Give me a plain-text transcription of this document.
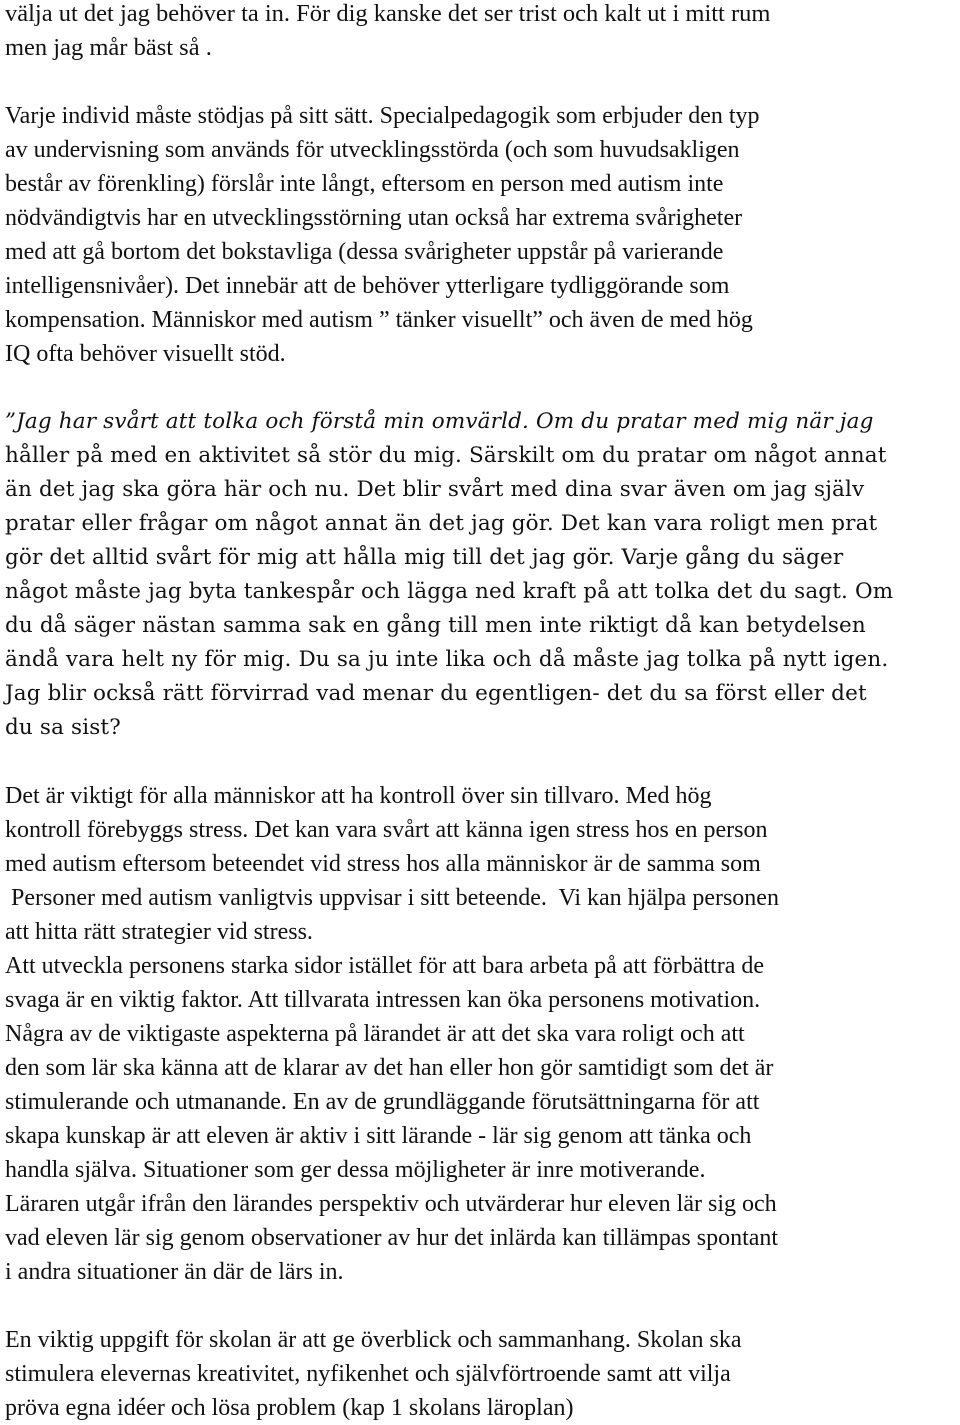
välja ut det jag behöver ta in. För dig kanske det ser trist och kalt ut i mitt rum
men jag mår bäst så .
Varje individ måste stödjas på sitt sätt. Specialpedagogik som erbjuder den typ
av undervisning som används för utvecklingsstörda (och som huvudsakligen
består av förenkling) förslår inte långt, eftersom en person med autism inte
nödvändigtvis har en utvecklingsstörning utan också har extrema svårigheter
med att gå bortom det bokstavliga (dessa svårigheter uppstår på varierande
intelligensnivåer). Det innebär att de behöver ytterligare tydliggörande som
kompensation. Människor med autism ” tänker visuellt” och även de med hög
IQ ofta behöver visuellt stöd.
”Jag har svårt att tolka och förstå min omvärld. Om du pratar med mig när jag
håller på med en aktivitet så stör du mig. Särskilt om du pratar om något annat
än det jag ska göra här och nu. Det blir svårt med dina svar även om jag själv
pratar eller frågar om något annat än det jag gör. Det kan vara roligt men prat
gör det alltid svårt för mig att hålla mig till det jag gör. Varje gång du säger
något måste jag byta tankespår och lägga ned kraft på att tolka det du sagt. Om
du då säger nästan samma sak en gång till men inte riktigt då kan betydelsen
ändå vara helt ny för mig. Du sa ju inte lika och då måste jag tolka på nytt igen.
Jag blir också rätt förvirrad vad menar du egentligen- det du sa först eller det
du sa sist?
Det är viktigt för alla människor att ha kontroll över sin tillvaro. Med hög
kontroll förebyggs stress. Det kan vara svårt att känna igen stress hos en person
med autism eftersom beteendet vid stress hos alla människor är de samma som
Personer med autism vanligtvis uppvisar i sitt beteende.  Vi kan hjälpa personen
att hitta rätt strategier vid stress.
Att utveckla personens starka sidor istället för att bara arbeta på att förbättra de
svaga är en viktig faktor. Att tillvarata intressen kan öka personens motivation.
Några av de viktigaste aspekterna på lärandet är att det ska vara roligt och att
den som lär ska känna att de klarar av det han eller hon gör samtidigt som det är
stimulerande och utmanande. En av de grundläggande förutsättningarna för att
skapa kunskap är att eleven är aktiv i sitt lärande - lär sig genom att tänka och
handla själva. Situationer som ger dessa möjligheter är inre motiverande.
Läraren utgår ifrån den lärandes perspektiv och utvärderar hur eleven lär sig och
vad eleven lär sig genom observationer av hur det inlärda kan tillämpas spontant
i andra situationer än där de lärs in.
En viktig uppgift för skolan är att ge överblick och sammanhang. Skolan ska
stimulera elevernas kreativitet, nyfikenhet och självförtroende samt att vilja
pröva egna idéer och lösa problem (kap 1 skolans läroplan)
